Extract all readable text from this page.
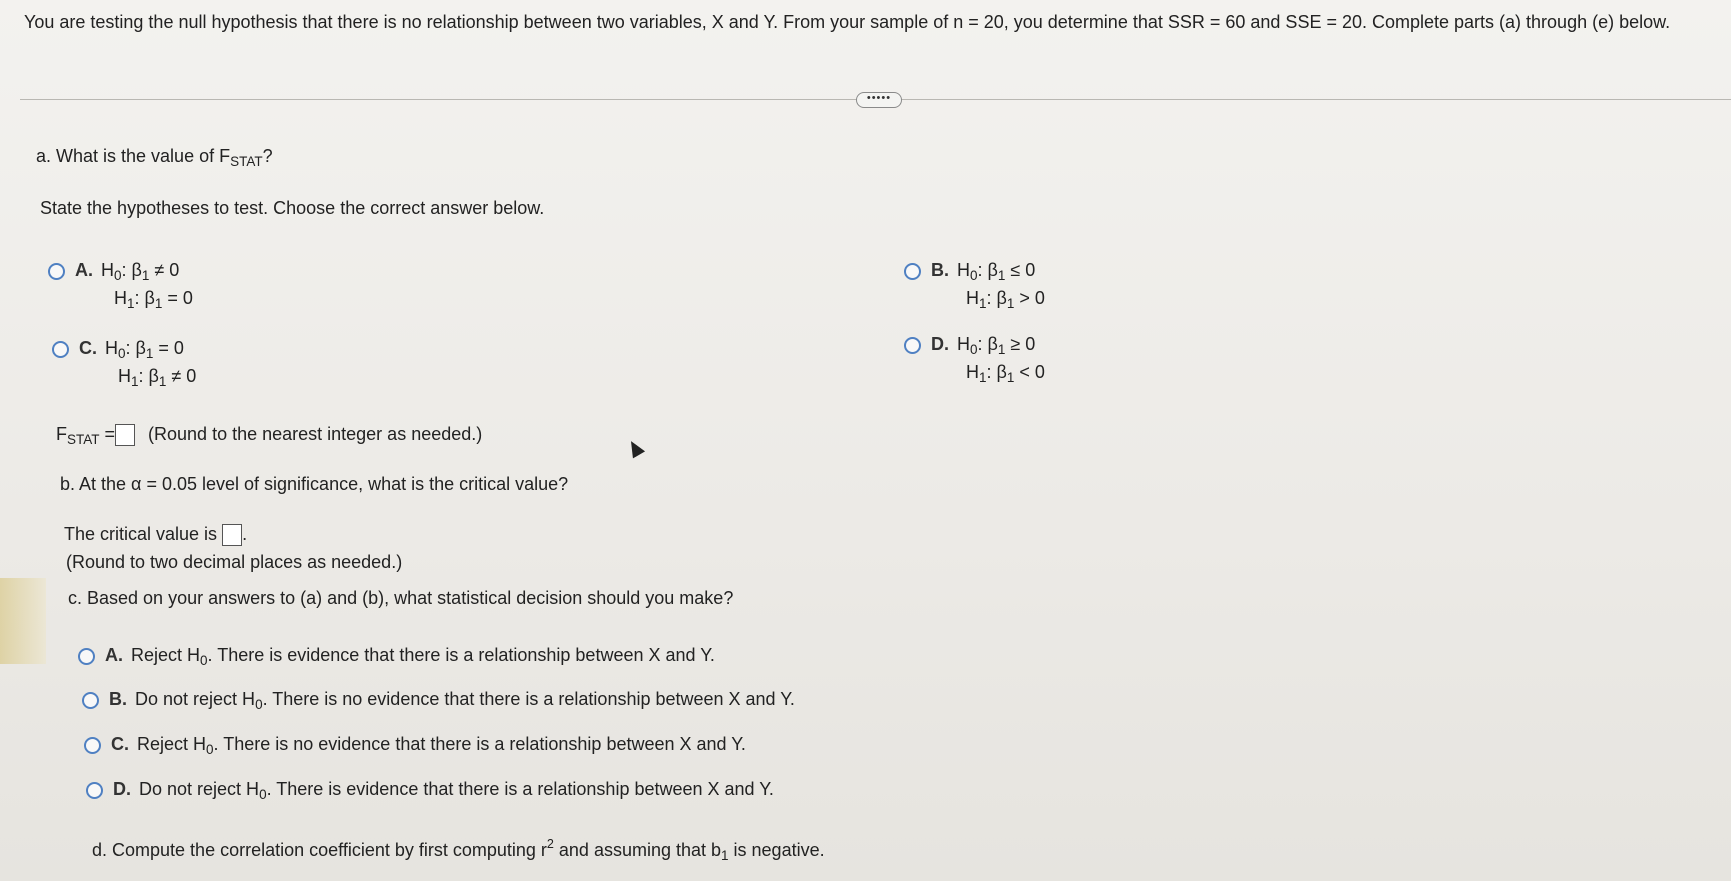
You are testing the null hypothesis that there is no relationship between two variables, X and Y. From your sample of n = 20, you determine that SSR = 60 and SSE = 20. Complete parts (a) through (e) below.
•••••
a. What is the value of $F_{STAT}$?
State the hypotheses to test. Choose the correct answer below.
A. $H_0$: $\beta_1 \ne 0$
$H_1$: $\beta_1 = 0$
C. $H_0$: $\beta_1 = 0$
$H_1$: $\beta_1 \ne 0$
B. $H_0$: $\beta_1 \le 0$
$H_1$: $\beta_1 > 0$
D. $H_0$: $\beta_1 \ge 0$
$H_1$: $\beta_1 < 0$
$F_{STAT}$ = (Round to the nearest integer as needed.)
b. At the α = 0.05 level of significance, what is the critical value?
The critical value is .
(Round to two decimal places as needed.)
c. Based on your answers to (a) and (b), what statistical decision should you make?
A. Reject $H_0$. There is evidence that there is a relationship between X and Y.
B. Do not reject $H_0$. There is no evidence that there is a relationship between X and Y.
C. Reject $H_0$. There is no evidence that there is a relationship between X and Y.
D. Do not reject $H_0$. There is evidence that there is a relationship between X and Y.
d. Compute the correlation coefficient by first computing $r^2$ and assuming that $b_1$ is negative.
